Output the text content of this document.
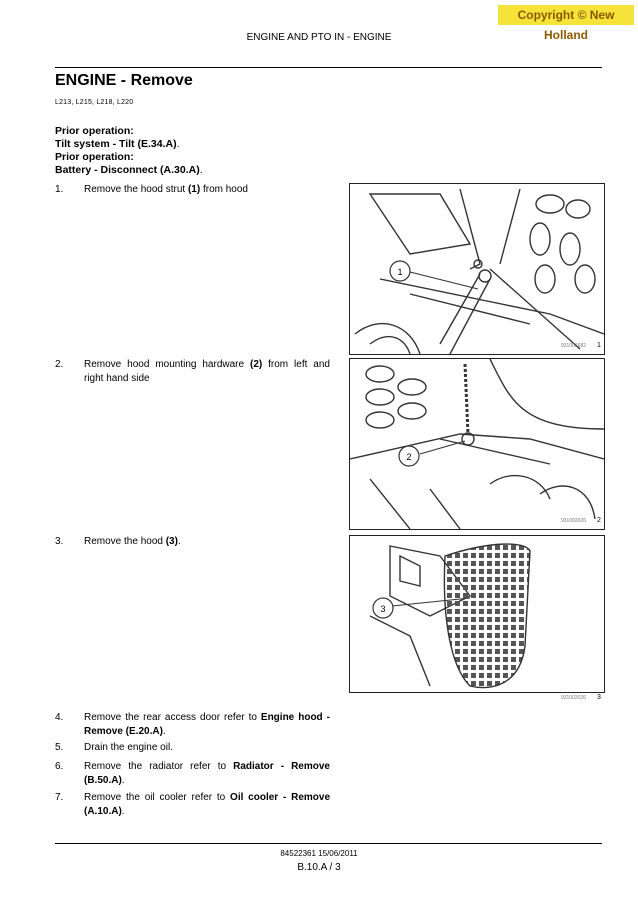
Copyright © New Holland
ENGINE AND PTO IN - ENGINE
ENGINE - Remove
L213, L215, L218, L220
Prior operation:
Tilt system - Tilt (E.34.A).
Prior operation:
Battery - Disconnect (A.30.A).
1. Remove the hood strut (1) from hood
2. Remove hood mounting hardware (2) from left and right hand side
3. Remove the hood (3).
4. Remove the rear access door refer to Engine hood - Remove (E.20.A).
5. Drain the engine oil.
6. Remove the radiator refer to Radiator - Remove (B.50.A).
7. Remove the oil cooler refer to Oil cooler - Remove (A.10.A).
1
931001682 1
2
931002026 2
3
931002026 3
84522361 15/06/2011
B.10.A / 3
